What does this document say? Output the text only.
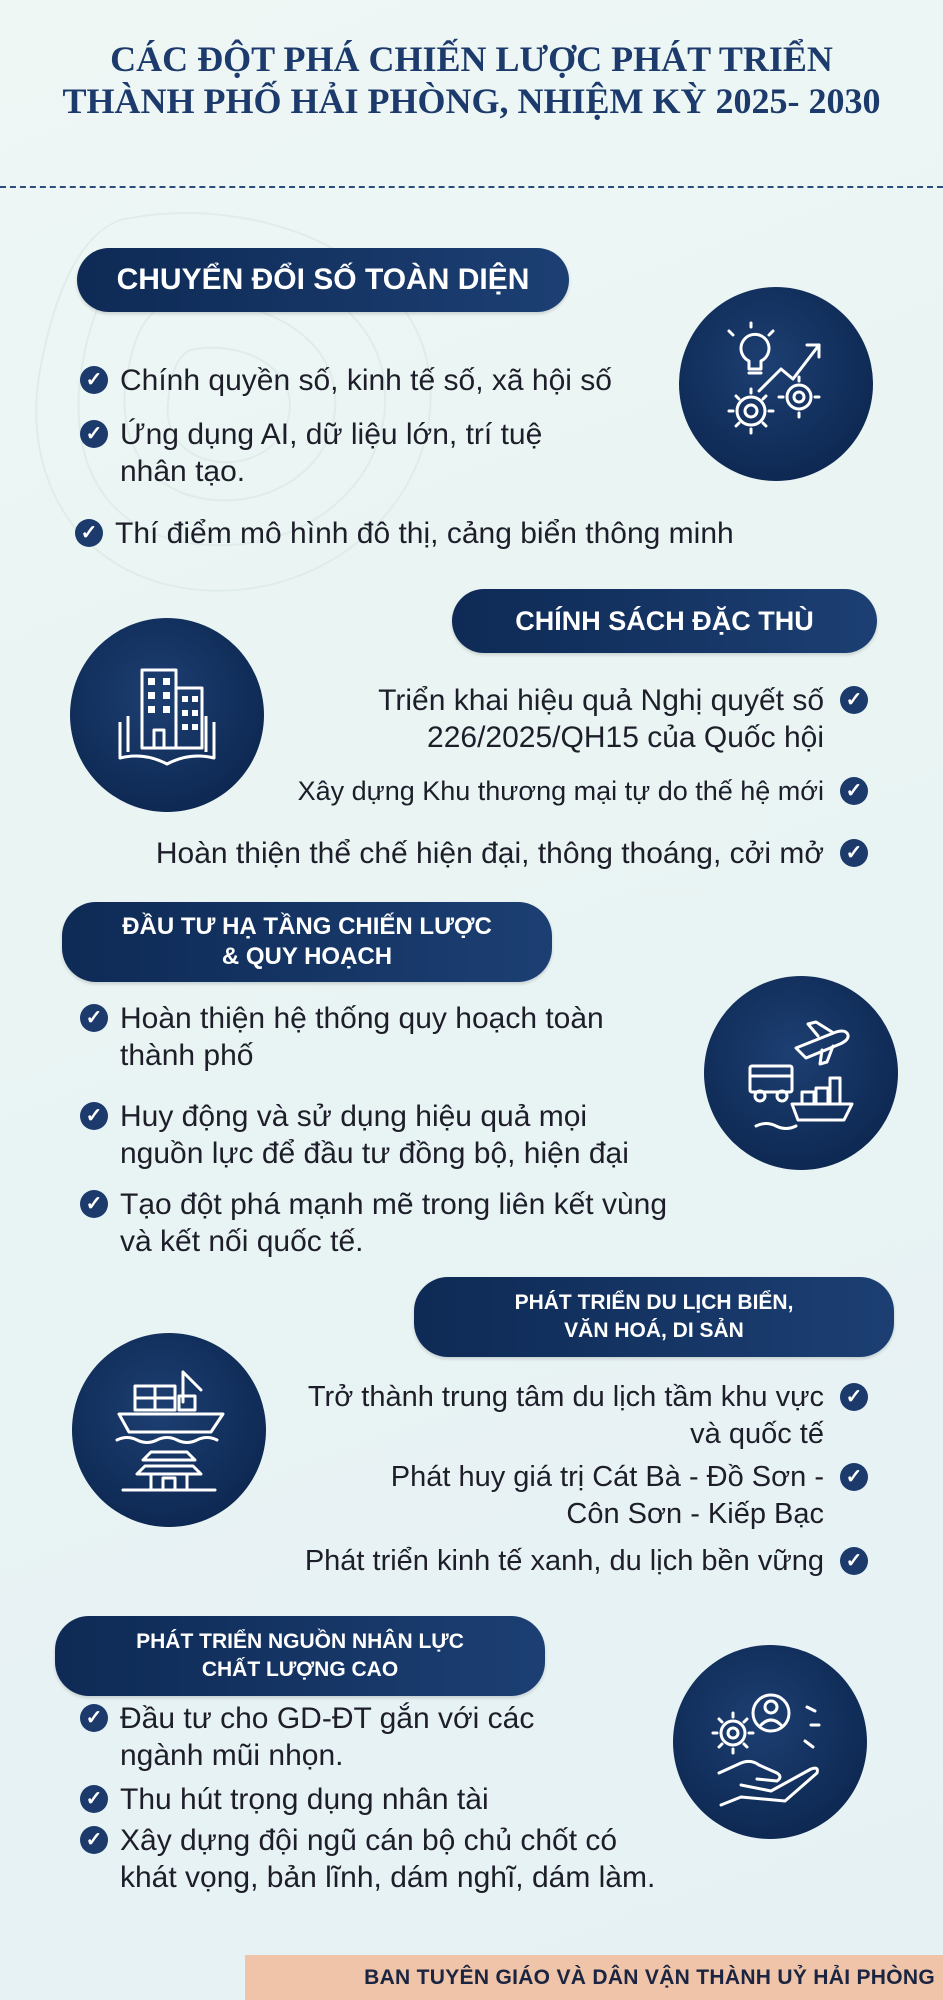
CÁC ĐỘT PHÁ CHIẾN LƯỢC PHÁT TRIỂN
THÀNH PHỐ HẢI PHÒNG, NHIỆM KỲ 2025- 2030
CHUYỂN ĐỔI SỐ TOÀN DIỆN
✓ Chính quyền số, kinh tế số, xã hội số
✓ Ứng dụng AI, dữ liệu lớn, trí tuệ
nhân tạo.
✓ Thí điểm mô hình đô thị, cảng biển thông minh
CHÍNH SÁCH ĐẶC THÙ
✓
Triển khai hiệu quả Nghị quyết số
226/2025/QH15 của Quốc hội
✓
Xây dựng Khu thương mại tự do thế hệ mới
✓
Hoàn thiện thể chế hiện đại, thông thoáng, cởi mở
ĐẦU TƯ HẠ TẦNG CHIẾN LƯỢC
& QUY HOẠCH
✓ Hoàn thiện hệ thống quy hoạch toàn
thành phố
✓ Huy động và sử dụng hiệu quả mọi
nguồn lực để đầu tư đồng bộ, hiện đại
✓ Tạo đột phá mạnh mẽ trong liên kết vùng
và kết nối quốc tế.
PHÁT TRIỂN DU LỊCH BIỂN,
VĂN HOÁ, DI SẢN
✓
Trở thành trung tâm du lịch tầm khu vực
và quốc tế
✓
Phát huy giá trị Cát Bà - Đồ Sơn -
Côn Sơn - Kiếp Bạc
✓
Phát triển kinh tế xanh, du lịch bền vững
PHÁT TRIỂN NGUỒN NHÂN LỰC
CHẤT LƯỢNG CAO
✓ Đầu tư cho GD-ĐT gắn với các
ngành mũi nhọn.
✓ Thu hút trọng dụng nhân tài
✓ Xây dựng đội ngũ cán bộ chủ chốt có
khát vọng, bản lĩnh, dám nghĩ, dám làm.
BAN TUYÊN GIÁO VÀ DÂN VẬN THÀNH UỶ HẢI PHÒNG
